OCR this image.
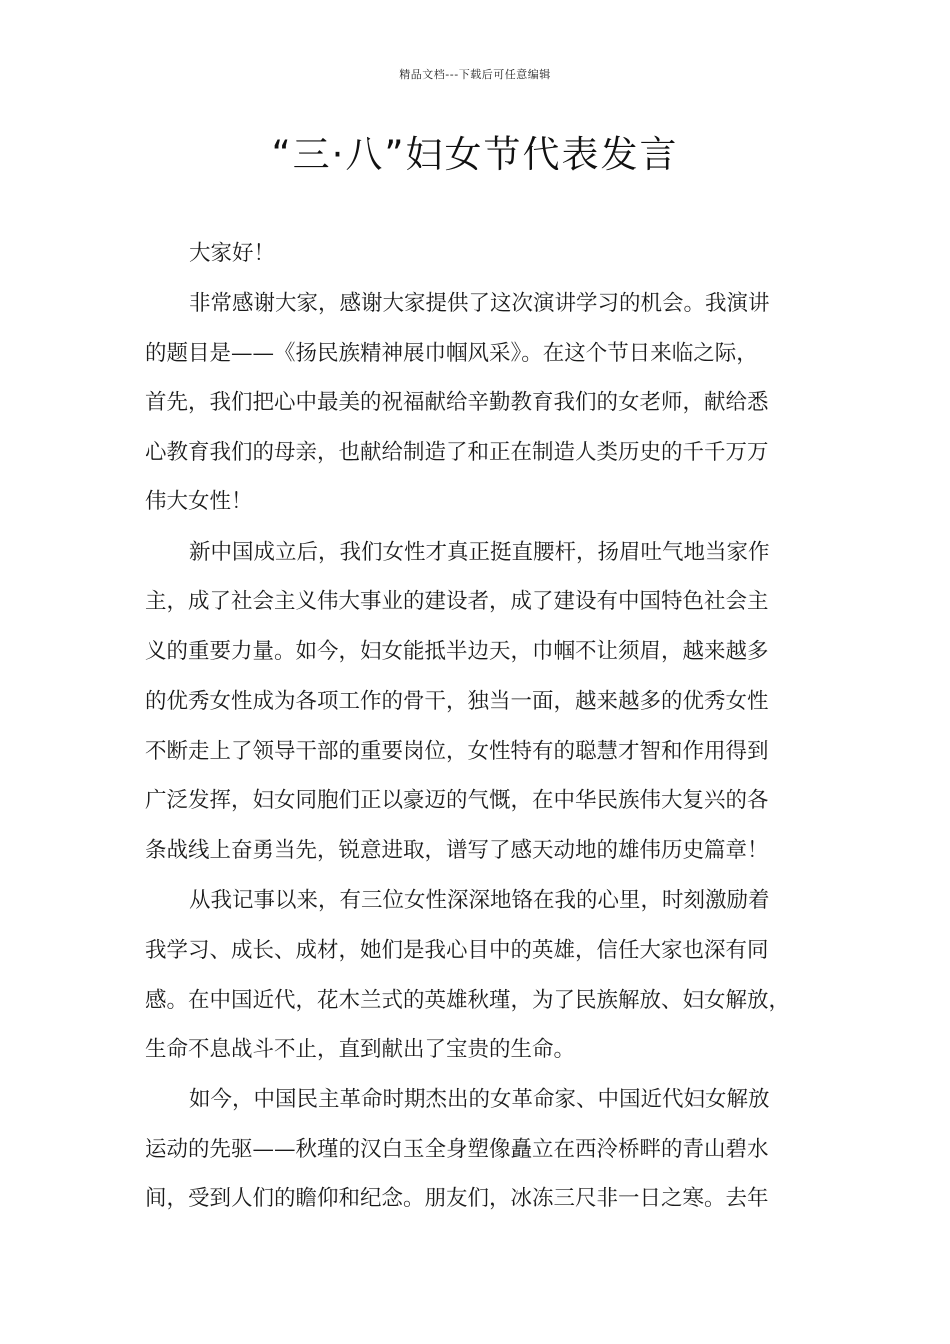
精品文档---下载后可任意编辑
“三·八”妇女节代表发言
大家好！
非常感谢大家，感谢大家提供了这次演讲学习的机会。我演讲
的题目是——《扬民族精神展巾帼风采》。在这个节日来临之际，
首先，我们把心中最美的祝福献给辛勤教育我们的女老师，献给悉
心教育我们的母亲，也献给制造了和正在制造人类历史的千千万万
伟大女性！
新中国成立后，我们女性才真正挺直腰杆，扬眉吐气地当家作
主，成了社会主义伟大事业的建设者，成了建设有中国特色社会主
义的重要力量。如今，妇女能抵半边天，巾帼不让须眉，越来越多
的优秀女性成为各项工作的骨干，独当一面，越来越多的优秀女性
不断走上了领导干部的重要岗位，女性特有的聪慧才智和作用得到
广泛发挥，妇女同胞们正以豪迈的气慨，在中华民族伟大复兴的各
条战线上奋勇当先，锐意进取，谱写了感天动地的雄伟历史篇章！
从我记事以来，有三位女性深深地铬在我的心里，时刻激励着
我学习、成长、成材，她们是我心目中的英雄，信任大家也深有同
感。在中国近代，花木兰式的英雄秋瑾，为了民族解放、妇女解放，
生命不息战斗不止，直到献出了宝贵的生命。
如今，中国民主革命时期杰出的女革命家、中国近代妇女解放
运动的先驱——秋瑾的汉白玉全身塑像矗立在西泠桥畔的青山碧水
间，受到人们的瞻仰和纪念。朋友们，冰冻三尺非一日之寒。去年
